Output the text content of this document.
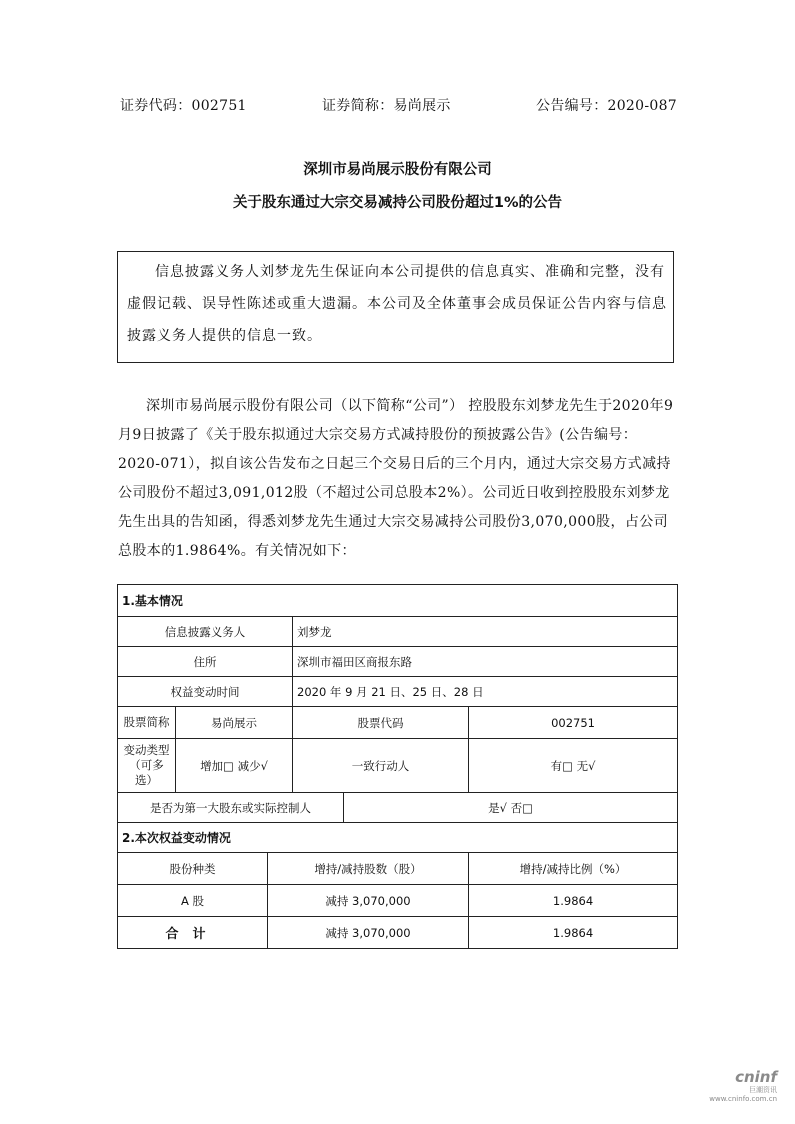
证券代码：002751	证券简称：易尚展示	公告编号：2020-087
深圳市易尚展示股份有限公司
关于股东通过大宗交易减持公司股份超过1%的公告
信息披露义务人刘梦龙先生保证向本公司提供的信息真实、准确和完整，没有虚假记载、误导性陈述或重大遗漏。本公司及全体董事会成员保证公告内容与信息披露义务人提供的信息一致。
深圳市易尚展示股份有限公司（以下简称“公司”） 控股股东刘梦龙先生于2020年9月9日披露了《关于股东拟通过大宗交易方式减持股份的预披露公告》(公告编号：2020-071），拟自该公告发布之日起三个交易日后的三个月内，通过大宗交易方式减持公司股份不超过3,091,012股（不超过公司总股本2%）。公司近日收到控股股东刘梦龙先生出具的告知函，得悉刘梦龙先生通过大宗交易减持公司股份3,070,000股，占公司总股本的1.9864%。有关情况如下：
1.基本情况					
信息披露义务人			刘梦龙		
住所			深圳市福田区商报东路		
权益变动时间			2020 年 9 月 21 日、25 日、28 日		
股票简称	易尚展示		股票代码		002751
变动类型（可多选）	增加□ 减少√		一致行动人		有□ 无√
是否为第一大股东或实际控制人				是√ 否□	
2.本次权益变动情况					
股份种类		增持/减持股数（股）			增持/减持比例（%）
A 股		减持 3,070,000			1.9864
合计		减持 3,070,000			1.9864
cninf
巨潮资讯
www.cninfo.com.cn
